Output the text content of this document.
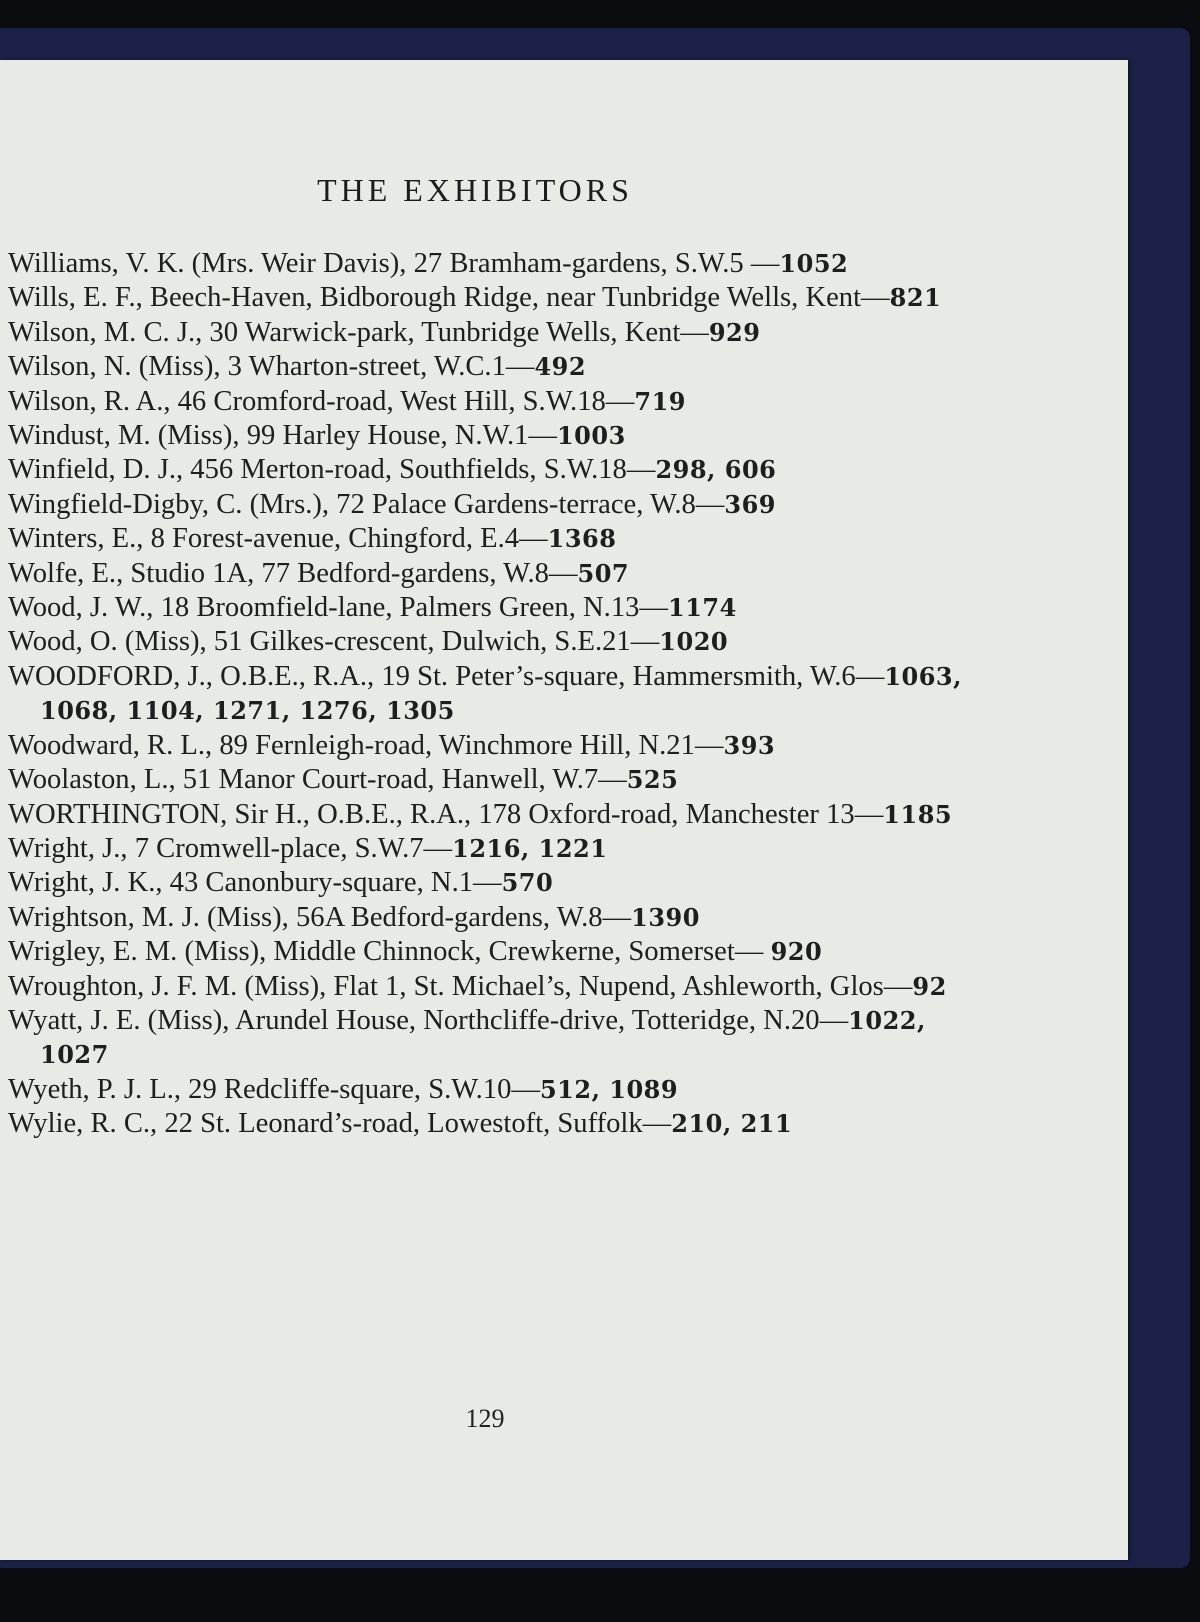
THE EXHIBITORS
Williams, V. K. (Mrs. Weir Davis), 27 Bramham-gardens, S.W.5 —1052
Wills, E. F., Beech-Haven, Bidborough Ridge, near Tunbridge Wells, Kent—821
Wilson, M. C. J., 30 Warwick-park, Tunbridge Wells, Kent—929
Wilson, N. (Miss), 3 Wharton-street, W.C.1—492
Wilson, R. A., 46 Cromford-road, West Hill, S.W.18—719
Windust, M. (Miss), 99 Harley House, N.W.1—1003
Winfield, D. J., 456 Merton-road, Southfields, S.W.18—298, 606
Wingfield-Digby, C. (Mrs.), 72 Palace Gardens-terrace, W.8—369
Winters, E., 8 Forest-avenue, Chingford, E.4—1368
Wolfe, E., Studio 1A, 77 Bedford-gardens, W.8—507
Wood, J. W., 18 Broomfield-lane, Palmers Green, N.13—1174
Wood, O. (Miss), 51 Gilkes-crescent, Dulwich, S.E.21—1020
WOODFORD, J., O.B.E., R.A., 19 St. Peter’s-square, Hammersmith, W.6—1063, 1068, 1104, 1271, 1276, 1305
Woodward, R. L., 89 Fernleigh-road, Winchmore Hill, N.21—393
Woolaston, L., 51 Manor Court-road, Hanwell, W.7—525
WORTHINGTON, Sir H., O.B.E., R.A., 178 Oxford-road, Manchester 13—1185
Wright, J., 7 Cromwell-place, S.W.7—1216, 1221
Wright, J. K., 43 Canonbury-square, N.1—570
Wrightson, M. J. (Miss), 56A Bedford-gardens, W.8—1390
Wrigley, E. M. (Miss), Middle Chinnock, Crewkerne, Somerset— 920
Wroughton, J. F. M. (Miss), Flat 1, St. Michael’s, Nupend, Ashleworth, Glos—92
Wyatt, J. E. (Miss), Arundel House, Northcliffe-drive, Totteridge, N.20—1022, 1027
Wyeth, P. J. L., 29 Redcliffe-square, S.W.10—512, 1089
Wylie, R. C., 22 St. Leonard’s-road, Lowestoft, Suffolk—210, 211
129
